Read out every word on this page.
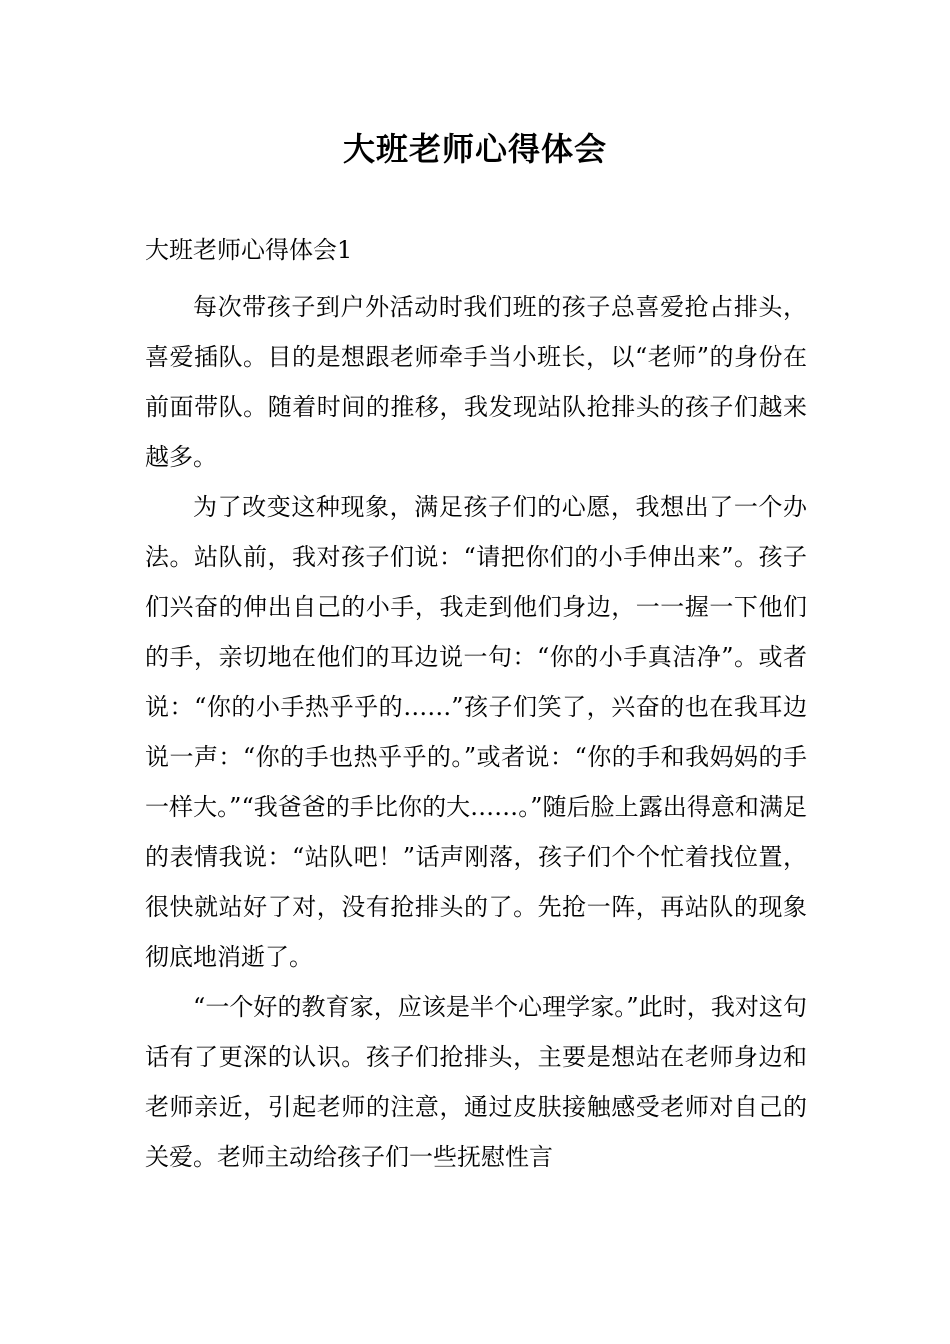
大班老师心得体会
大班老师心得体会1

每次带孩子到户外活动时我们班的孩子总喜爱抢占排头，喜爱插队。目的是想跟老师牵手当小班长，以“老师”的身份在前面带队。随着时间的推移，我发现站队抢排头的孩子们越来越多。

为了改变这种现象，满足孩子们的心愿，我想出了一个办法。站队前，我对孩子们说：“请把你们的小手伸出来”。孩子们兴奋的伸出自己的小手，我走到他们身边，一一握一下他们的手，亲切地在他们的耳边说一句：“你的小手真洁净”。或者说：“你的小手热乎乎的……”孩子们笑了，兴奋的也在我耳边说一声：“你的手也热乎乎的。”或者说：“你的手和我妈妈的手一样大。”“我爸爸的手比你的大……。”随后脸上露出得意和满足的表情我说：“站队吧！”话声刚落，孩子们个个忙着找位置，很快就站好了对，没有抢排头的了。先抢一阵，再站队的现象彻底地消逝了。

“一个好的教育家，应该是半个心理学家。”此时，我对这句话有了更深的认识。孩子们抢排头，主要是想站在老师身边和老师亲近，引起老师的注意，通过皮肤接触感受老师对自己的关爱。老师主动给孩子们一些抚慰性言
